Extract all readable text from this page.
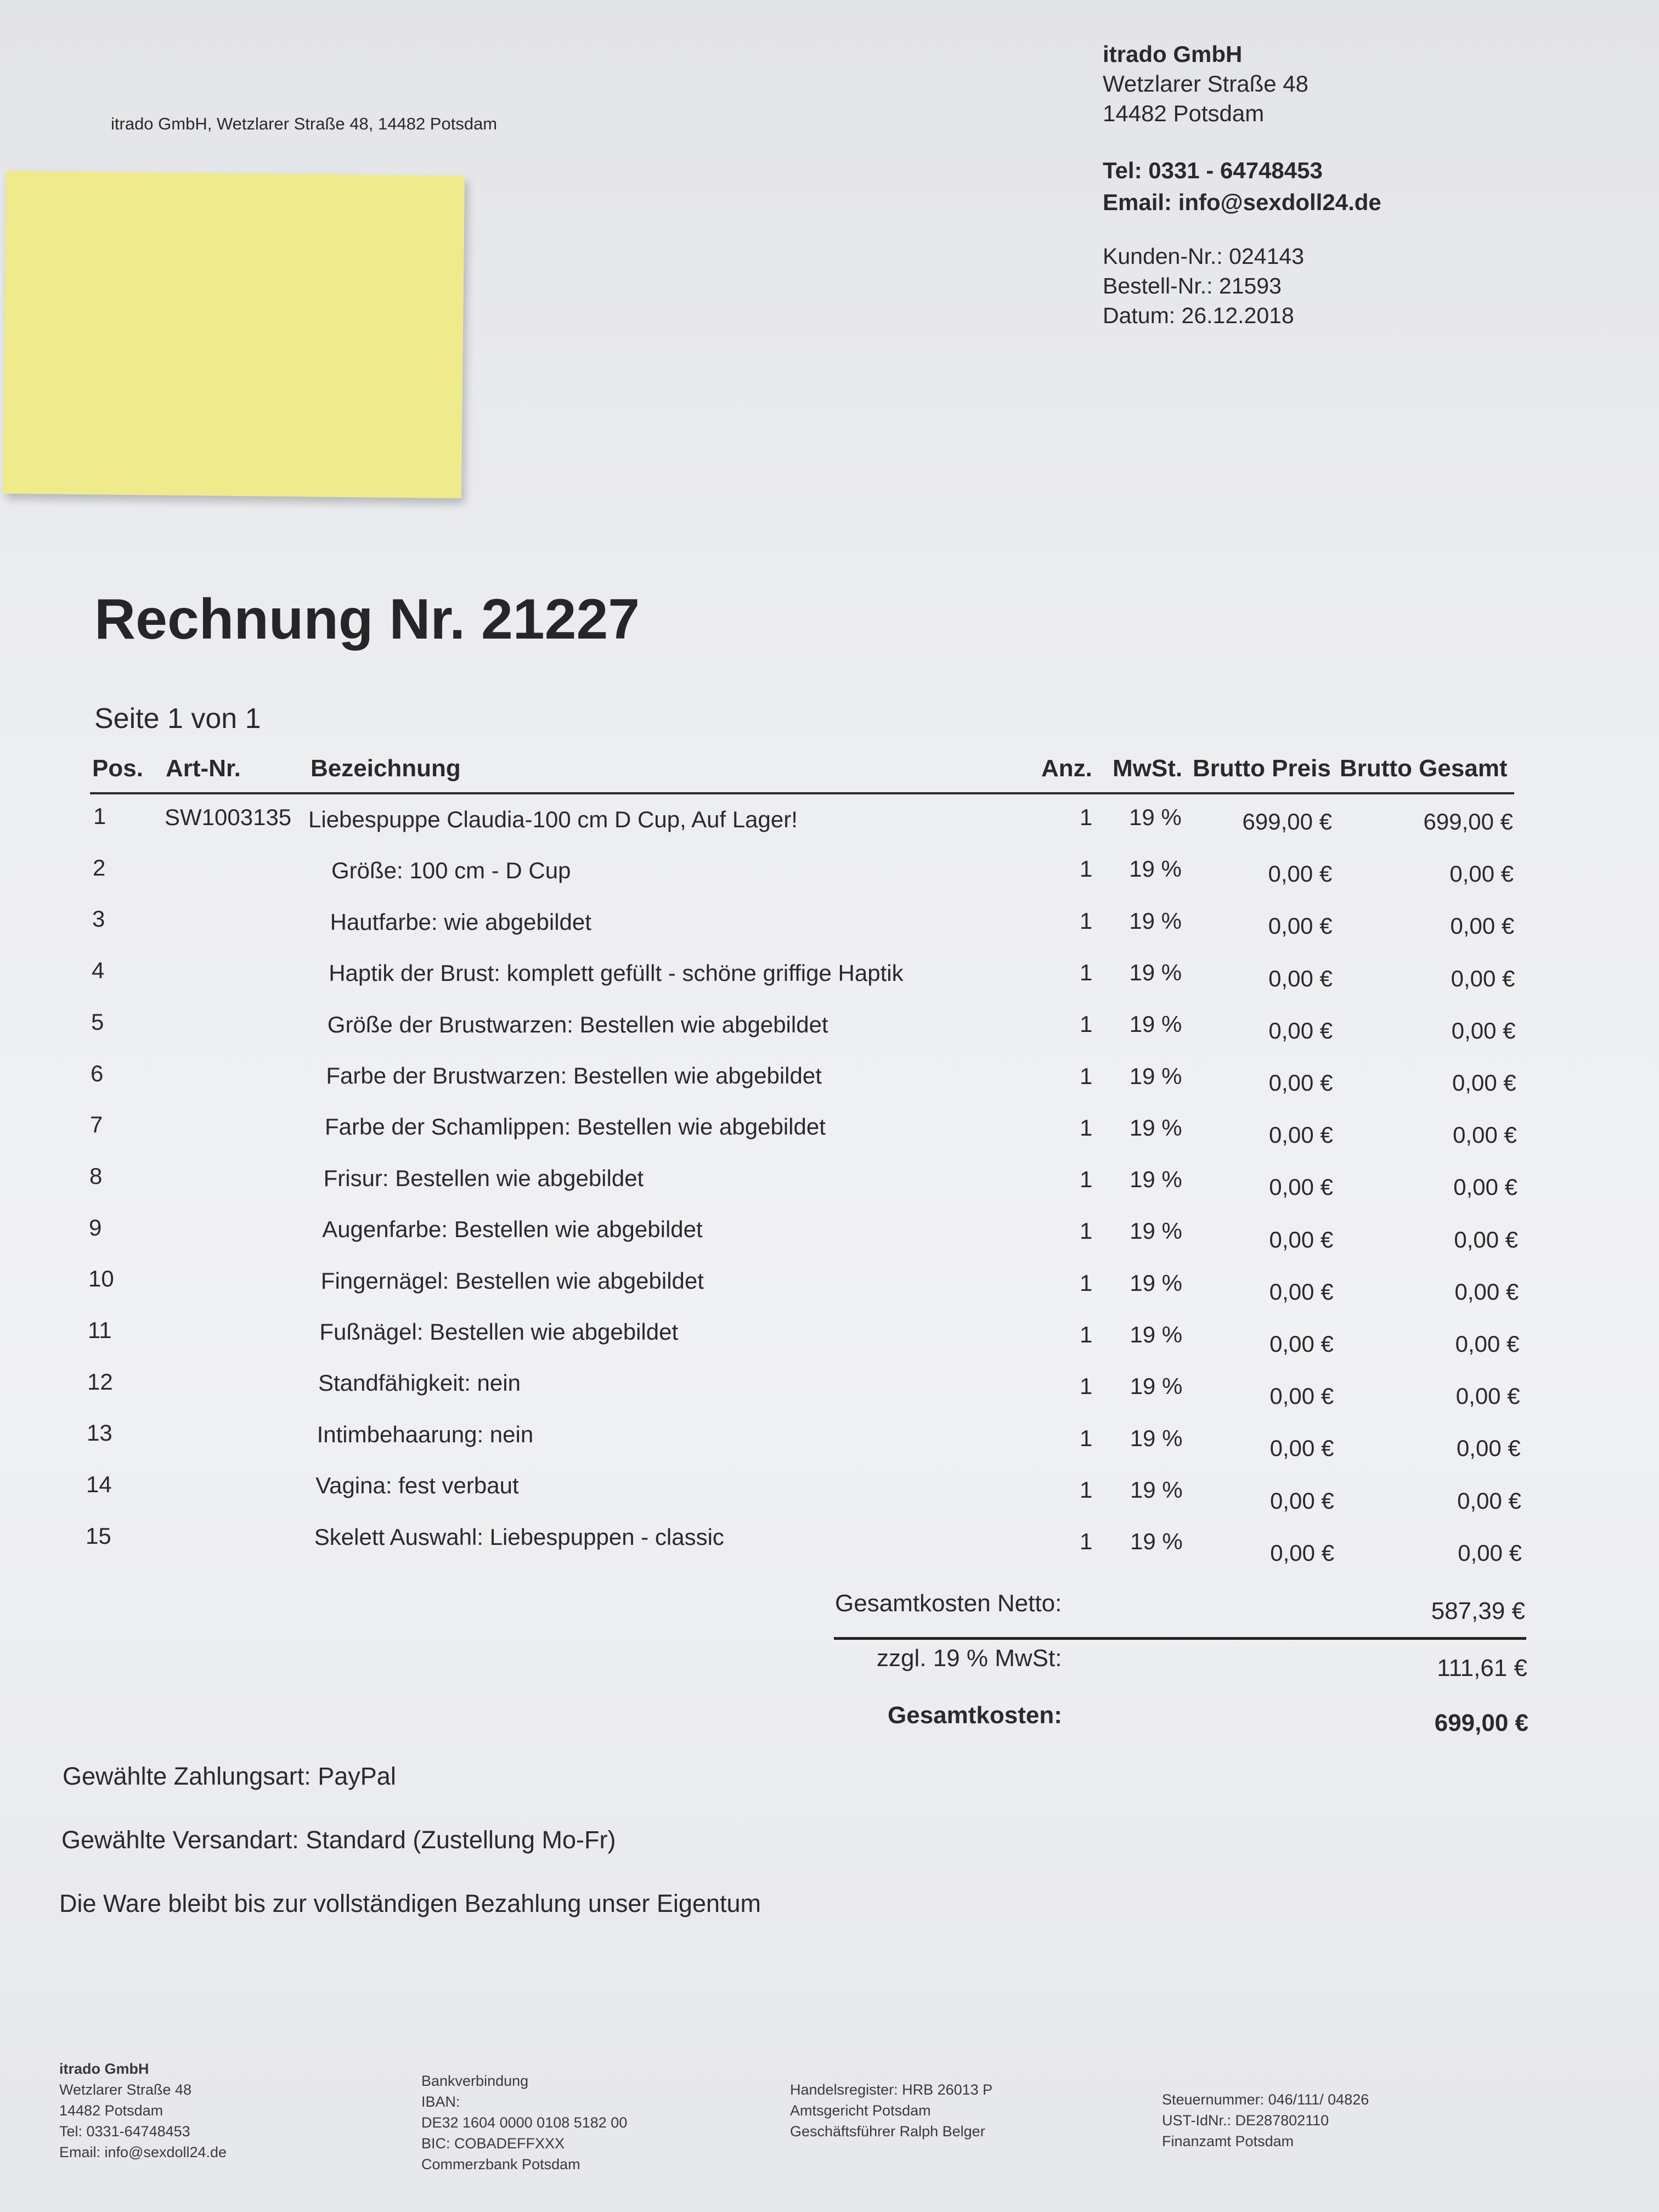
itrado GmbH, Wetzlarer Straße 48, 14482 Potsdam
itrado GmbH
Wetzlarer Straße 48
14482 Potsdam
Tel: 0331 - 64748453
Email: info@sexdoll24.de
Kunden-Nr.: 024143
Bestell-Nr.: 21593
Datum: 26.12.2018
Rechnung Nr. 21227
Seite 1 von 1
Pos. Art-Nr.	Bezeichnung	Anz. MwSt. Brutto Preis Brutto Gesamt
1	SW1003135 Liebespuppe Claudia-100 cm D Cup, Auf Lager!	1 19 %	699,00 €	699,00 €
2	Größe: 100 cm - D Cup	1 19 %	0,00 €	0,00 €
3	Hautfarbe: wie abgebildet	1 19 %	0,00 €	0,00 €
4	Haptik der Brust: komplett gefüllt - schöne griffige Haptik	1 19 %	0,00 €	0,00 €
5	Größe der Brustwarzen: Bestellen wie abgebildet	1 19 %	0,00 €	0,00 €
6	Farbe der Brustwarzen: Bestellen wie abgebildet	1 19 %	0,00 €	0,00 €
7	Farbe der Schamlippen: Bestellen wie abgebildet	1 19 %	0,00 €	0,00 €
8	Frisur: Bestellen wie abgebildet	1 19 %	0,00 €	0,00 €
9	Augenfarbe: Bestellen wie abgebildet	1 19 %	0,00 €	0,00 €
10	Fingernägel: Bestellen wie abgebildet	1 19 %	0,00 €	0,00 €
11	Fußnägel: Bestellen wie abgebildet	1 19 %	0,00 €	0,00 €
12	Standfähigkeit: nein	1 19 %	0,00 €	0,00 €
13	Intimbehaarung: nein	1 19 %	0,00 €	0,00 €
14	Vagina: fest verbaut	1 19 %	0,00 €	0,00 €
15	Skelett Auswahl: Liebespuppen - classic	1 19 %	0,00 €	0,00 €
Gesamtkosten Netto:	587,39 €
zzgl. 19 % MwSt:	111,61 €
Gesamtkosten:	699,00 €
Gewählte Zahlungsart: PayPal
Gewählte Versandart: Standard (Zustellung Mo-Fr)
Die Ware bleibt bis zur vollständigen Bezahlung unser Eigentum
itrado GmbH
Wetzlarer Straße 48
14482 Potsdam
Tel: 0331-64748453
Email: info@sexdoll24.de
Bankverbindung
IBAN:
DE32 1604 0000 0108 5182 00
BIC: COBADEFFXXX
Commerzbank Potsdam
Handelsregister: HRB 26013 P
Amtsgericht Potsdam
Geschäftsführer Ralph Belger
Steuernummer: 046/111/ 04826
UST-IdNr.: DE287802110
Finanzamt Potsdam
